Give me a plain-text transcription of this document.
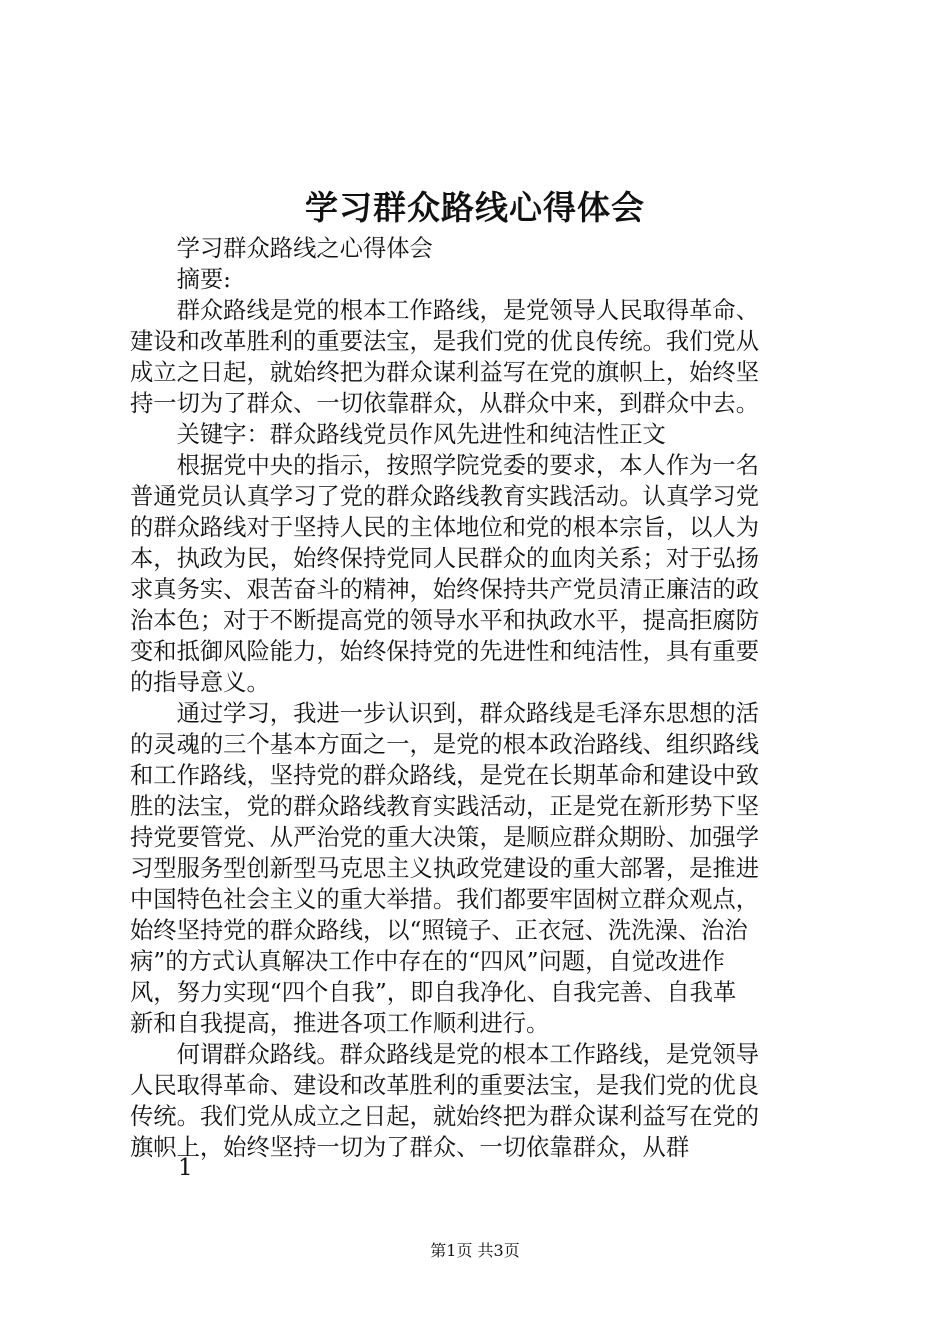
学习群众路线心得体会
学习群众路线之心得体会
摘要:
群众路线是党的根本工作路线，是党领导人民取得革命、
建设和改革胜利的重要法宝，是我们党的优良传统。我们党从
成立之日起，就始终把为群众谋利益写在党的旗帜上，始终坚
持一切为了群众、一切依靠群众，从群众中来，到群众中去。
关键字：群众路线党员作风先进性和纯洁性正文
根据党中央的指示，按照学院党委的要求，本人作为一名
普通党员认真学习了党的群众路线教育实践活动。认真学习党
的群众路线对于坚持人民的主体地位和党的根本宗旨，以人为
本，执政为民，始终保持党同人民群众的血肉关系；对于弘扬
求真务实、艰苦奋斗的精神，始终保持共产党员清正廉洁的政
治本色；对于不断提高党的领导水平和执政水平，提高拒腐防
变和抵御风险能力，始终保持党的先进性和纯洁性，具有重要
的指导意义。
通过学习，我进一步认识到，群众路线是毛泽东思想的活
的灵魂的三个基本方面之一，是党的根本政治路线、组织路线
和工作路线，坚持党的群众路线，是党在长期革命和建设中致
胜的法宝，党的群众路线教育实践活动，正是党在新形势下坚
持党要管党、从严治党的重大决策，是顺应群众期盼、加强学
习型服务型创新型马克思主义执政党建设的重大部署，是推进
中国特色社会主义的重大举措。我们都要牢固树立群众观点，
始终坚持党的群众路线，以“照镜子、正衣冠、洗洗澡、治治
病”的方式认真解决工作中存在的“四风”问题，自觉改进作
风，努力实现“四个自我”，即自我净化、自我完善、自我革
新和自我提高，推进各项工作顺利进行。
何谓群众路线。群众路线是党的根本工作路线，是党领导
人民取得革命、建设和改革胜利的重要法宝，是我们党的优良
传统。我们党从成立之日起，就始终把为群众谋利益写在党的
旗帜上，始终坚持一切为了群众、一切依靠群众，从群
1
第1页 共3页
